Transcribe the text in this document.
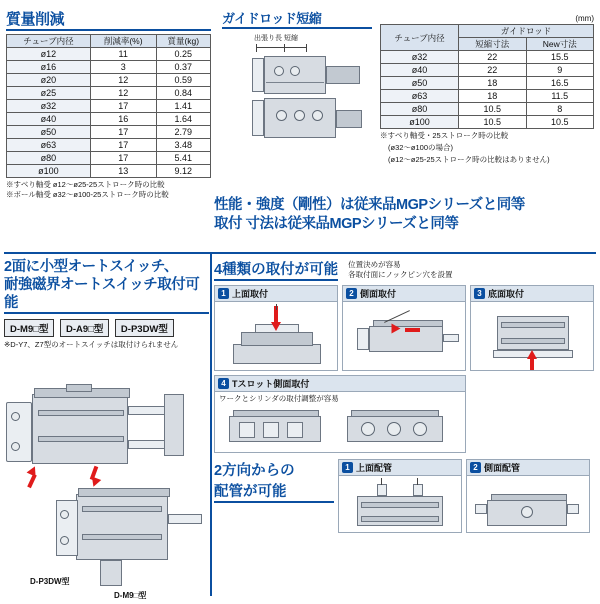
質量削減
チューブ内径	削減率(%)	質量(kg)
ø12	11	0.25
ø16	3	0.37
ø20	12	0.59
ø25	12	0.84
ø32	17	1.41
ø40	16	1.64
ø50	17	2.79
ø63	17	3.48
ø80	17	5.41
ø100	13	9.12
※すべり軸受 ø12～ø25-25ストローク時の比較
※ボール軸受 ø32～ø100-25ストローク時の比較
ガイドロッド短縮
出張り長 短縮
(mm)
チューブ内径	ガイドロッド	
	短縮寸法	New寸法
ø32	22	15.5
ø40	22	9
ø50	18	16.5
ø63	18	11.5
ø80	10.5	8
ø100	10.5	10.5
※すべり軸受・25ストローク時の比較
(ø32～ø100の場合)
(ø12～ø25-25ストローク時の比較はありません)
性能・強度（剛性）は従来品MGPシリーズと同等
取付 寸法は従来品MGPシリーズと同等
2面に小型オートスイッチ、
耐強磁界オートスイッチ取付可能
D-M9□型 D-A9□型 D-P3DW型
※D-Y7、Z7型のオートスイッチは取付けられません
D-P3DW型
D-M9□型
4種類の取付が可能 位置決めが容易
各取付面にノックピン穴を設置
1 上面取付	2 側面取付	3 底面取付
4 Tスロット側面取付
ワークとシリンダの取付調整が容易
2方向からの
配管が可能
1 上面配管	2 側面配管
